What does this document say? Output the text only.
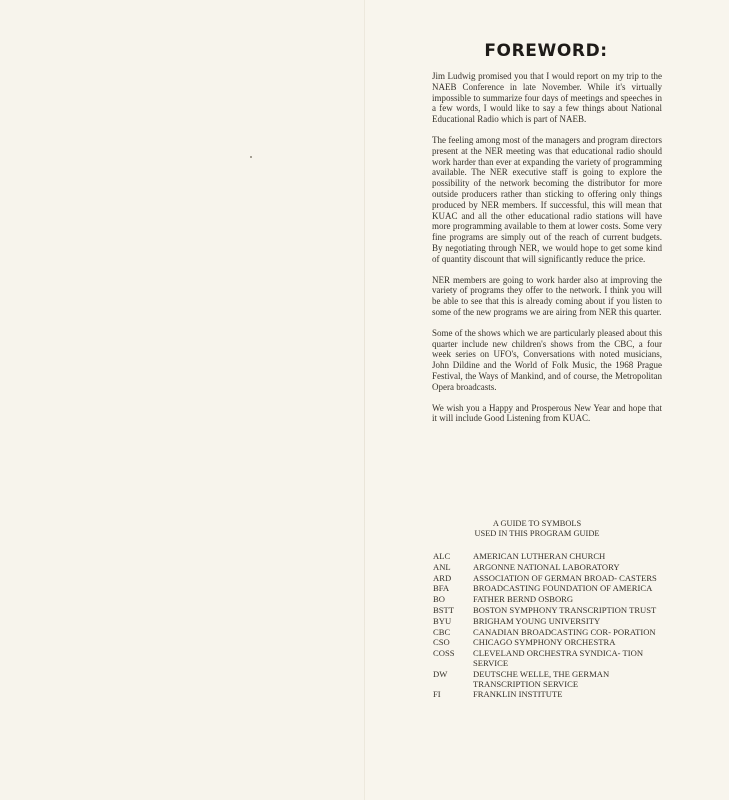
FOREWORD:

Jim Ludwig promised you that I would report on my trip to the NAEB Conference in late November. While it's virtually impossible to summarize four days of meetings and speeches in a few words, I would like to say a few things about National Educational Radio which is part of NAEB.

The feeling among most of the managers and program directors present at the NER meeting was that educational radio should work harder than ever at expanding the variety of programming available. The NER executive staff is going to explore the possibility of the network becoming the distributor for more outside producers rather than sticking to offering only things produced by NER members. If successful, this will mean that KUAC and all the other educational radio stations will have more programming available to them at lower costs. Some very fine programs are simply out of the reach of current budgets. By negotiating through NER, we would hope to get some kind of quantity discount that will significantly reduce the price.

NER members are going to work harder also at improving the variety of programs they offer to the network. I think you will be able to see that this is already coming about if you listen to some of the new programs we are airing from NER this quarter.

Some of the shows which we are particularly pleased about this quarter include new children's shows from the CBC, a four week series on UFO's, Conversations with noted musicians, John Dildine and the World of Folk Music, the 1968 Prague Festival, the Ways of Mankind, and of course, the Metropolitan Opera broadcasts.

We wish you a Happy and Prosperous New Year and hope that it will include Good Listening from KUAC.

A GUIDE TO SYMBOLS
USED IN THIS PROGRAM GUIDE
ALC	AMERICAN LUTHERAN CHURCH
ANL	ARGONNE NATIONAL LABORATORY
ARD	ASSOCIATION OF GERMAN BROAD- CASTERS
BFA	BROADCASTING FOUNDATION OF AMERICA
BO	FATHER BERND OSBORG
BSTT	BOSTON SYMPHONY TRANSCRIPTION TRUST
BYU	BRIGHAM YOUNG UNIVERSITY
CBC	CANADIAN BROADCASTING COR- PORATION
CSO	CHICAGO SYMPHONY ORCHESTRA
COSS	CLEVELAND ORCHESTRA SYNDICA- TION SERVICE
DW	DEUTSCHE WELLE, THE GERMAN TRANSCRIPTION SERVICE
FI	FRANKLIN INSTITUTE
